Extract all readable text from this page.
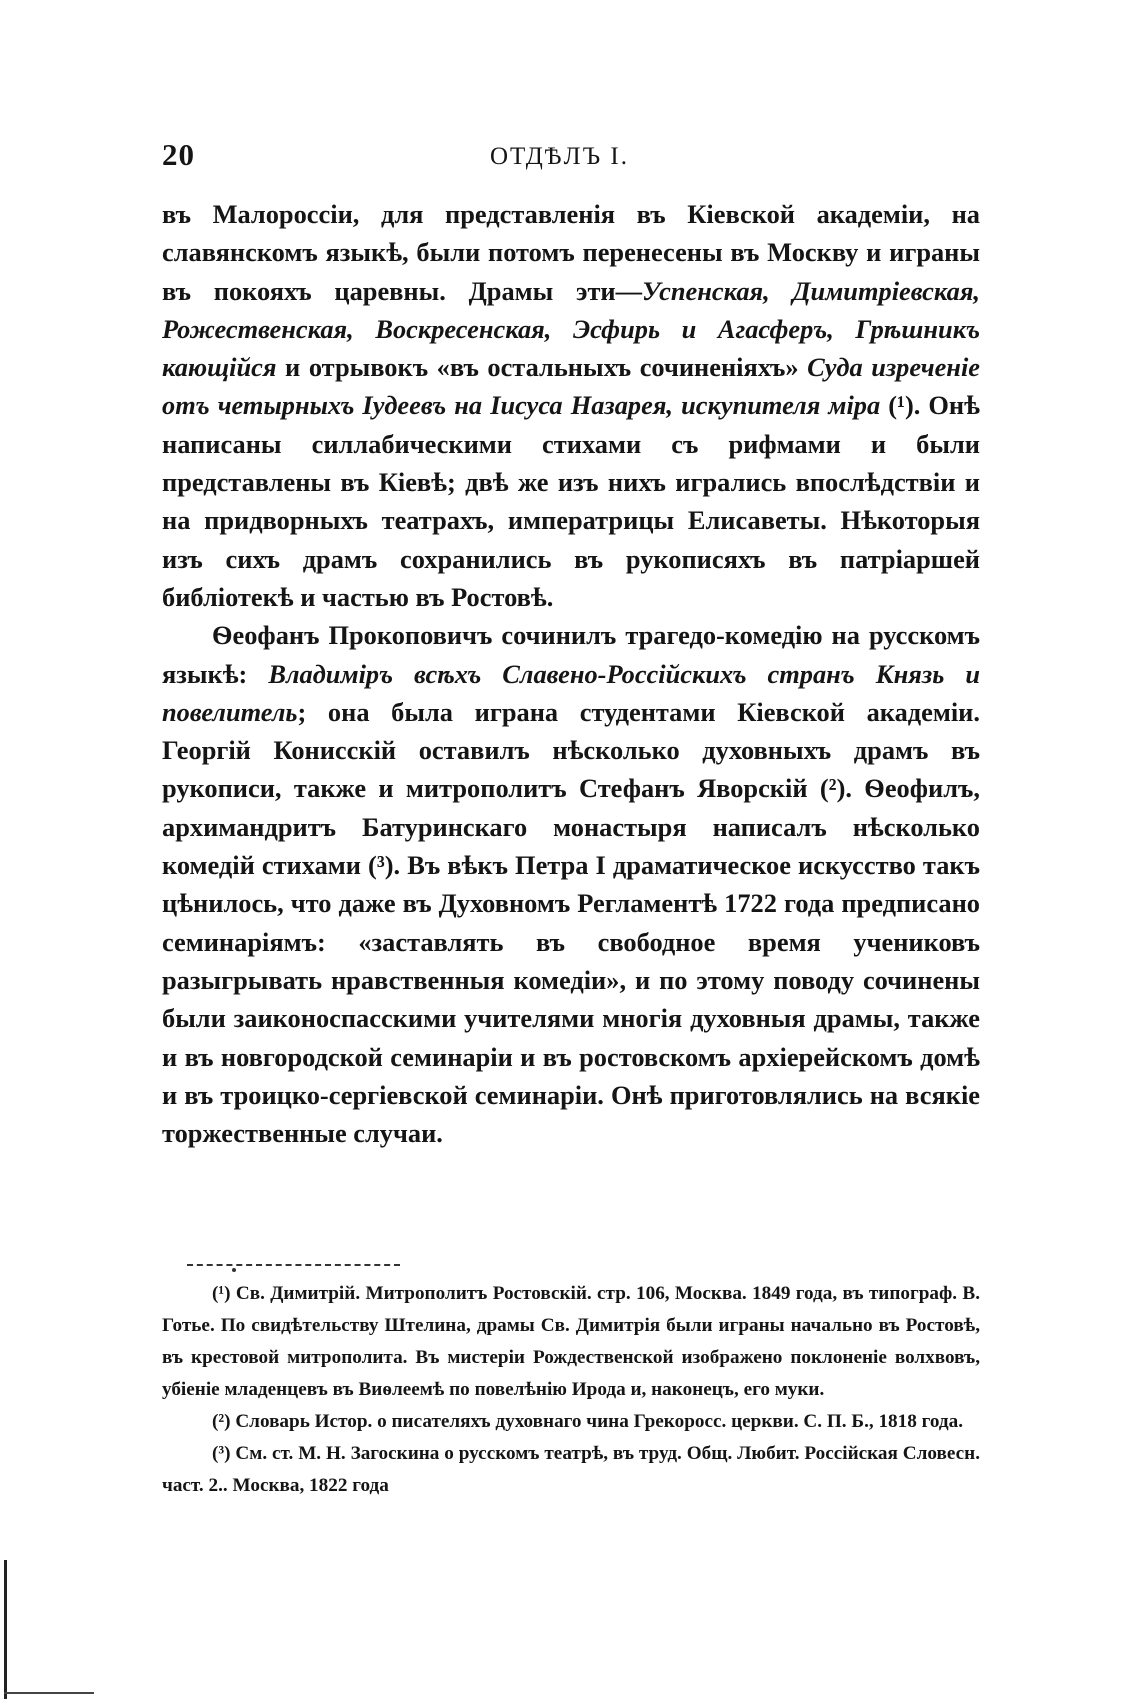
20	ОТДѢЛЪ I.

въ Малороссіи, для представленія въ Кіевской академіи, на славянскомъ языкѣ, были потомъ перенесены въ Москву и играны въ покояхъ царевны. Драмы эти—Успенская, Димитріевская, Рожественская, Воскресенская, Эсфирь и Агасферъ, Грѣшникъ кающійся и отрывокъ «въ остальныхъ сочиненіяхъ» Суда изреченіе отъ четырныхъ Iудеевъ на Iисуса Назарея, искупителя міра (¹). Онѣ написаны силлабическими стихами съ рифмами и были представлены въ Кіевѣ; двѣ же изъ нихъ игрались впослѣдствіи и на придворныхъ театрахъ, императрицы Елисаветы. Нѣкоторыя изъ сихъ драмъ сохранились въ рукописяхъ въ патріаршей библіотекѣ и частью въ Ростовѣ.

Ѳеофанъ Прокоповичъ сочинилъ трагедо-комедію на русскомъ языкѣ: Владиміръ всѣхъ Славено-Россійскихъ странъ Князь и повелитель; она была играна студентами Кіевской академіи. Георгій Конисскій оставилъ нѣсколько духовныхъ драмъ въ рукописи, также и митрополитъ Стефанъ Яворскій (²). Ѳеофилъ, архимандритъ Батуринскаго монастыря написалъ нѣсколько комедій стихами (³). Въ вѣкъ Петра I драматическое искусство такъ цѣнилось, что даже въ Духовномъ Регламентѣ 1722 года предписано семинаріямъ: «заставлять въ свободное время учениковъ разыгрывать нравственныя комедіи», и по этому поводу сочинены были заиконоспасскими учителями многія духовныя драмы, также и въ новгородской семинаріи и въ ростовскомъ архіерейскомъ домѣ и въ троицко-сергіевской семинаріи. Онѣ приготовлялись на всякіе торжественные случаи.

(¹) Св. Димитрій. Митрополитъ Ростовскій. стр. 106, Москва. 1849 года, въ типограф. В. Готье. По свидѣтельству Штелина, драмы Св. Димитрія были играны начально въ Ростовѣ, въ крестовой митрополита. Въ мистеріи Рождественской изображено поклоненіе волхвовъ, убіеніе младенцевъ въ Виѳлеемѣ по повелѣнію Ирода и, наконецъ, его муки.

(²) Словарь Истор. о писателяхъ духовнаго чина Грекоросс. церкви. С. П. Б., 1818 года.

(³) См. ст. М. Н. Загоскина о русскомъ театрѣ, въ труд. Общ. Любит. Россійская Словесн. част. 2.. Москва, 1822 года
